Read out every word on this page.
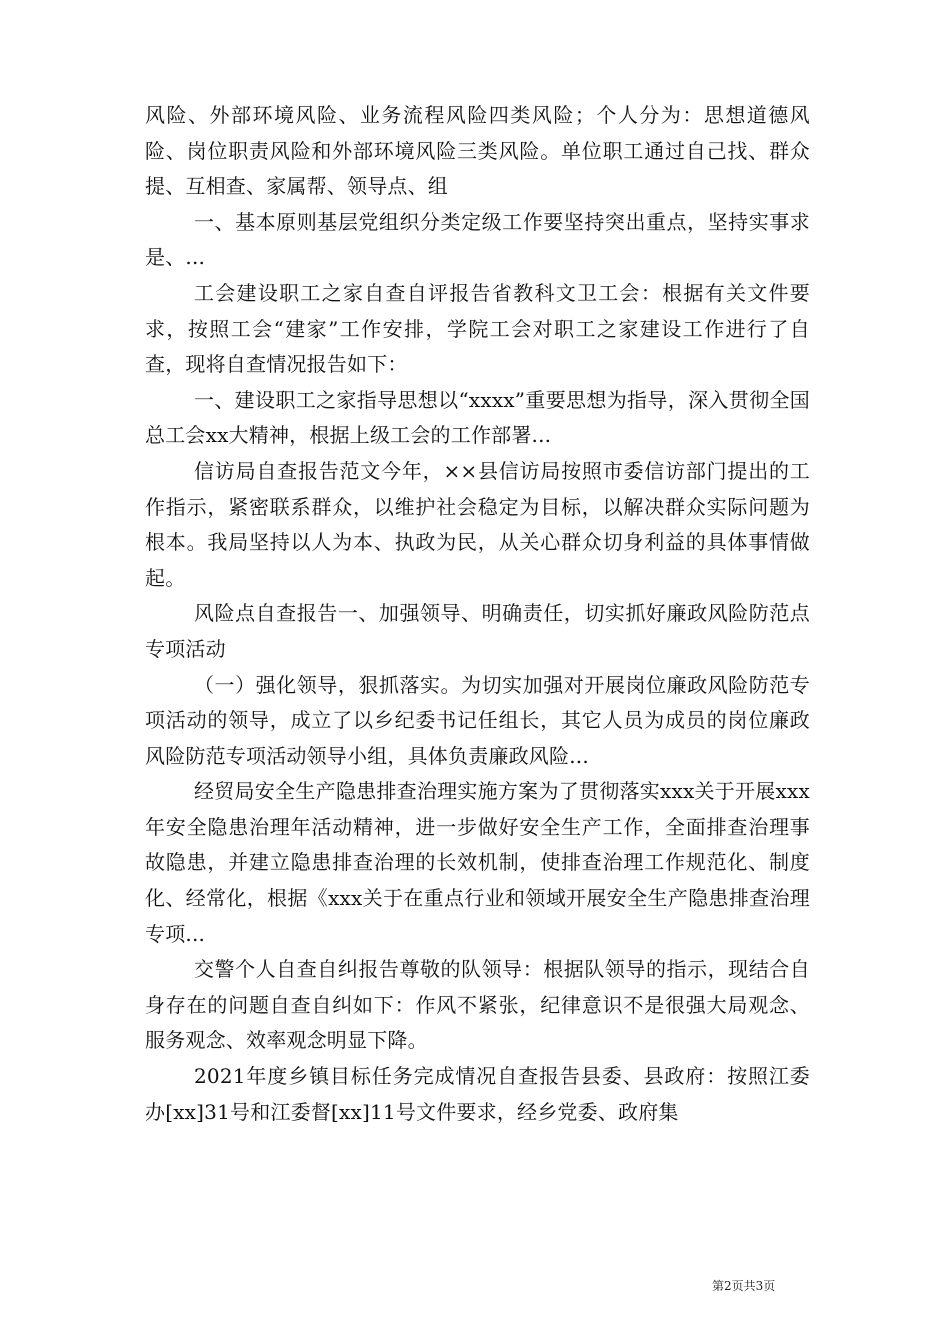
风险、外部环境风险、业务流程风险四类风险；个人分为：思想道德风险、岗位职责风险和外部环境风险三类风险。单位职工通过自己找、群众提、互相查、家属帮、领导点、组

一、基本原则基层党组织分类定级工作要坚持突出重点，坚持实事求是、...

工会建设职工之家自查自评报告省教科文卫工会：根据有关文件要求，按照工会“建家”工作安排，学院工会对职工之家建设工作进行了自查，现将自查情况报告如下：

一、建设职工之家指导思想以“xxxx”重要思想为指导，深入贯彻全国总工会xx大精神，根据上级工会的工作部署...

信访局自查报告范文今年，××县信访局按照市委信访部门提出的工作指示，紧密联系群众，以维护社会稳定为目标，以解决群众实际问题为根本。我局坚持以人为本、执政为民，从关心群众切身利益的具体事情做起。

风险点自查报告一、加强领导、明确责任，切实抓好廉政风险防范点专项活动

（一）强化领导，狠抓落实。为切实加强对开展岗位廉政风险防范专项活动的领导，成立了以乡纪委书记任组长，其它人员为成员的岗位廉政风险防范专项活动领导小组，具体负责廉政风险...

经贸局安全生产隐患排查治理实施方案为了贯彻落实xxx关于开展xxx年安全隐患治理年活动精神，进一步做好安全生产工作，全面排查治理事故隐患，并建立隐患排查治理的长效机制，使排查治理工作规范化、制度化、经常化，根据《xxx关于在重点行业和领域开展安全生产隐患排查治理专项...

交警个人自查自纠报告尊敬的队领导：根据队领导的指示，现结合自身存在的问题自查自纠如下：作风不紧张，纪律意识不是很强大局观念、服务观念、效率观念明显下降。

2021年度乡镇目标任务完成情况自查报告县委、县政府：按照江委办[xx]31号和江委督[xx]11号文件要求，经乡党委、政府集

第2页共3页
